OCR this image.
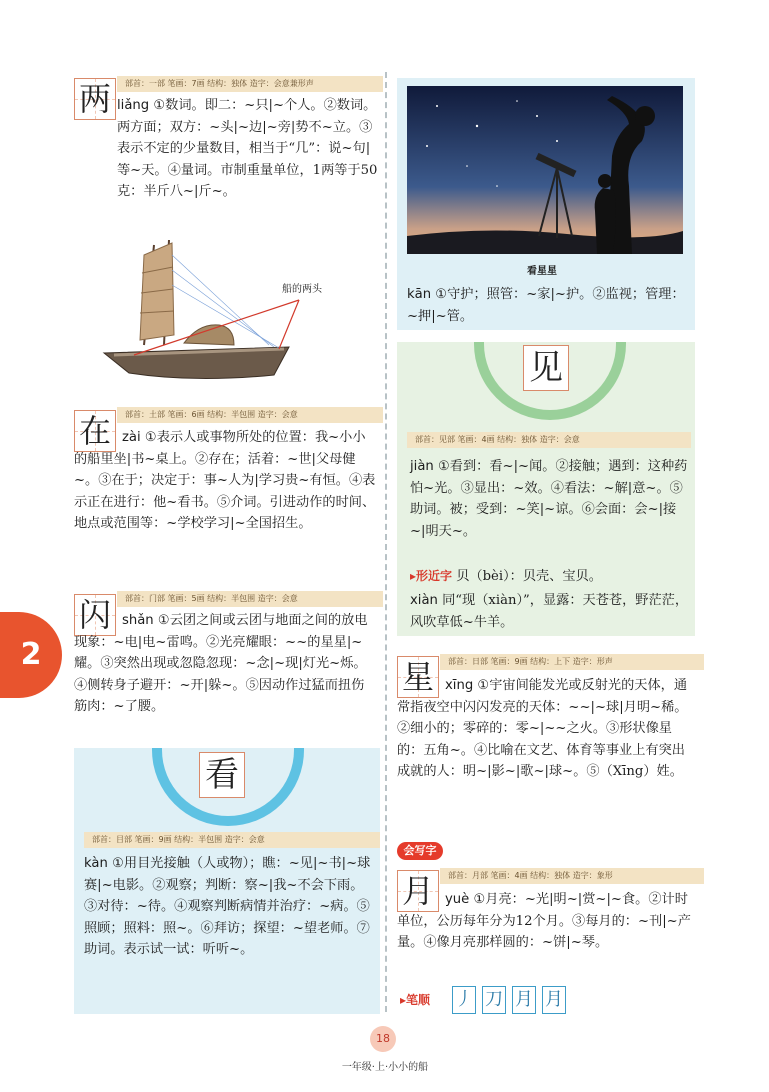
2
两	部首：一部 笔画：7画 结构：独体 造字：会意兼形声
liǎng ①数词。即二：~只|~个人。②数词。两方面；双方：~头|~边|~旁|势不~立。③表示不定的少量数目，相当于“几”：说~句|等~天。④量词。市制重量单位，1两等于50克：半斤八~|斤~。
船的两头
在	部首：土部 笔画：6画 结构：半包围 造字：会意
zài ①表示人或事物所处的位置：我~小小的船里坐|书~桌上。②存在；活着：~世|父母健~。③在于；决定于：事~人为|学习贵~有恒。④表示正在进行：他~看书。⑤介词。引进动作的时间、地点或范围等：~学校学习|~全国招生。
闪	部首：门部 笔画：5画 结构：半包围 造字：会意
shǎn ①云团之间或云团与地面之间的放电现象：~电|电~雷鸣。②光亮耀眼：~~的星星|~耀。③突然出现或忽隐忽现：~念|~现|灯光~烁。④侧转身子避开：~开|躲~。⑤因动作过猛而扭伤筋肉：~了腰。
看
部首：目部 笔画：9画 结构：半包围 造字：会意
kàn ①用目光接触（人或物）；瞧：~见|~书|~球赛|~电影。②观察；判断：察~|我~不会下雨。③对待：~待。④观察判断病情并治疗：~病。⑤照顾；照料：照~。⑥拜访；探望：~望老师。⑦助词。表示试一试：听听~。
看星星
kān ①守护；照管：~家|~护。②监视；管理：~押|~管。
见
部首：见部 笔画：4画 结构：独体 造字：会意
jiàn ①看到：看~|~闻。②接触；遇到：这种药怕~光。③显出：~效。④看法：~解|意~。⑤助词。被；受到：~笑|~谅。⑥会面：会~|接~|明天~。
▸形近字 贝（bèi）：贝壳、宝贝。
xiàn 同“现（xiàn）”，显露：天苍苍，野茫茫，风吹草低~牛羊。
星	部首：日部 笔画：9画 结构：上下 造字：形声
xīng ①宇宙间能发光或反射光的天体，通常指夜空中闪闪发亮的天体：~~|~球|月明~稀。②细小的；零碎的：零~|~~之火。③形状像星的：五角~。④比喻在文艺、体育等事业上有突出成就的人：明~|影~|歌~|球~。⑤（Xīng）姓。
会写字
月	部首：月部 笔画：4画 结构：独体 造字：象形
yuè ①月亮：~光|明~|赏~|~食。②计时单位，公历每年分为12个月。③每月的：~刊|~产量。④像月亮那样圆的：~饼|~琴。
▸笔顺 丿 刀 月 月
18
一年级·上·小小的船
